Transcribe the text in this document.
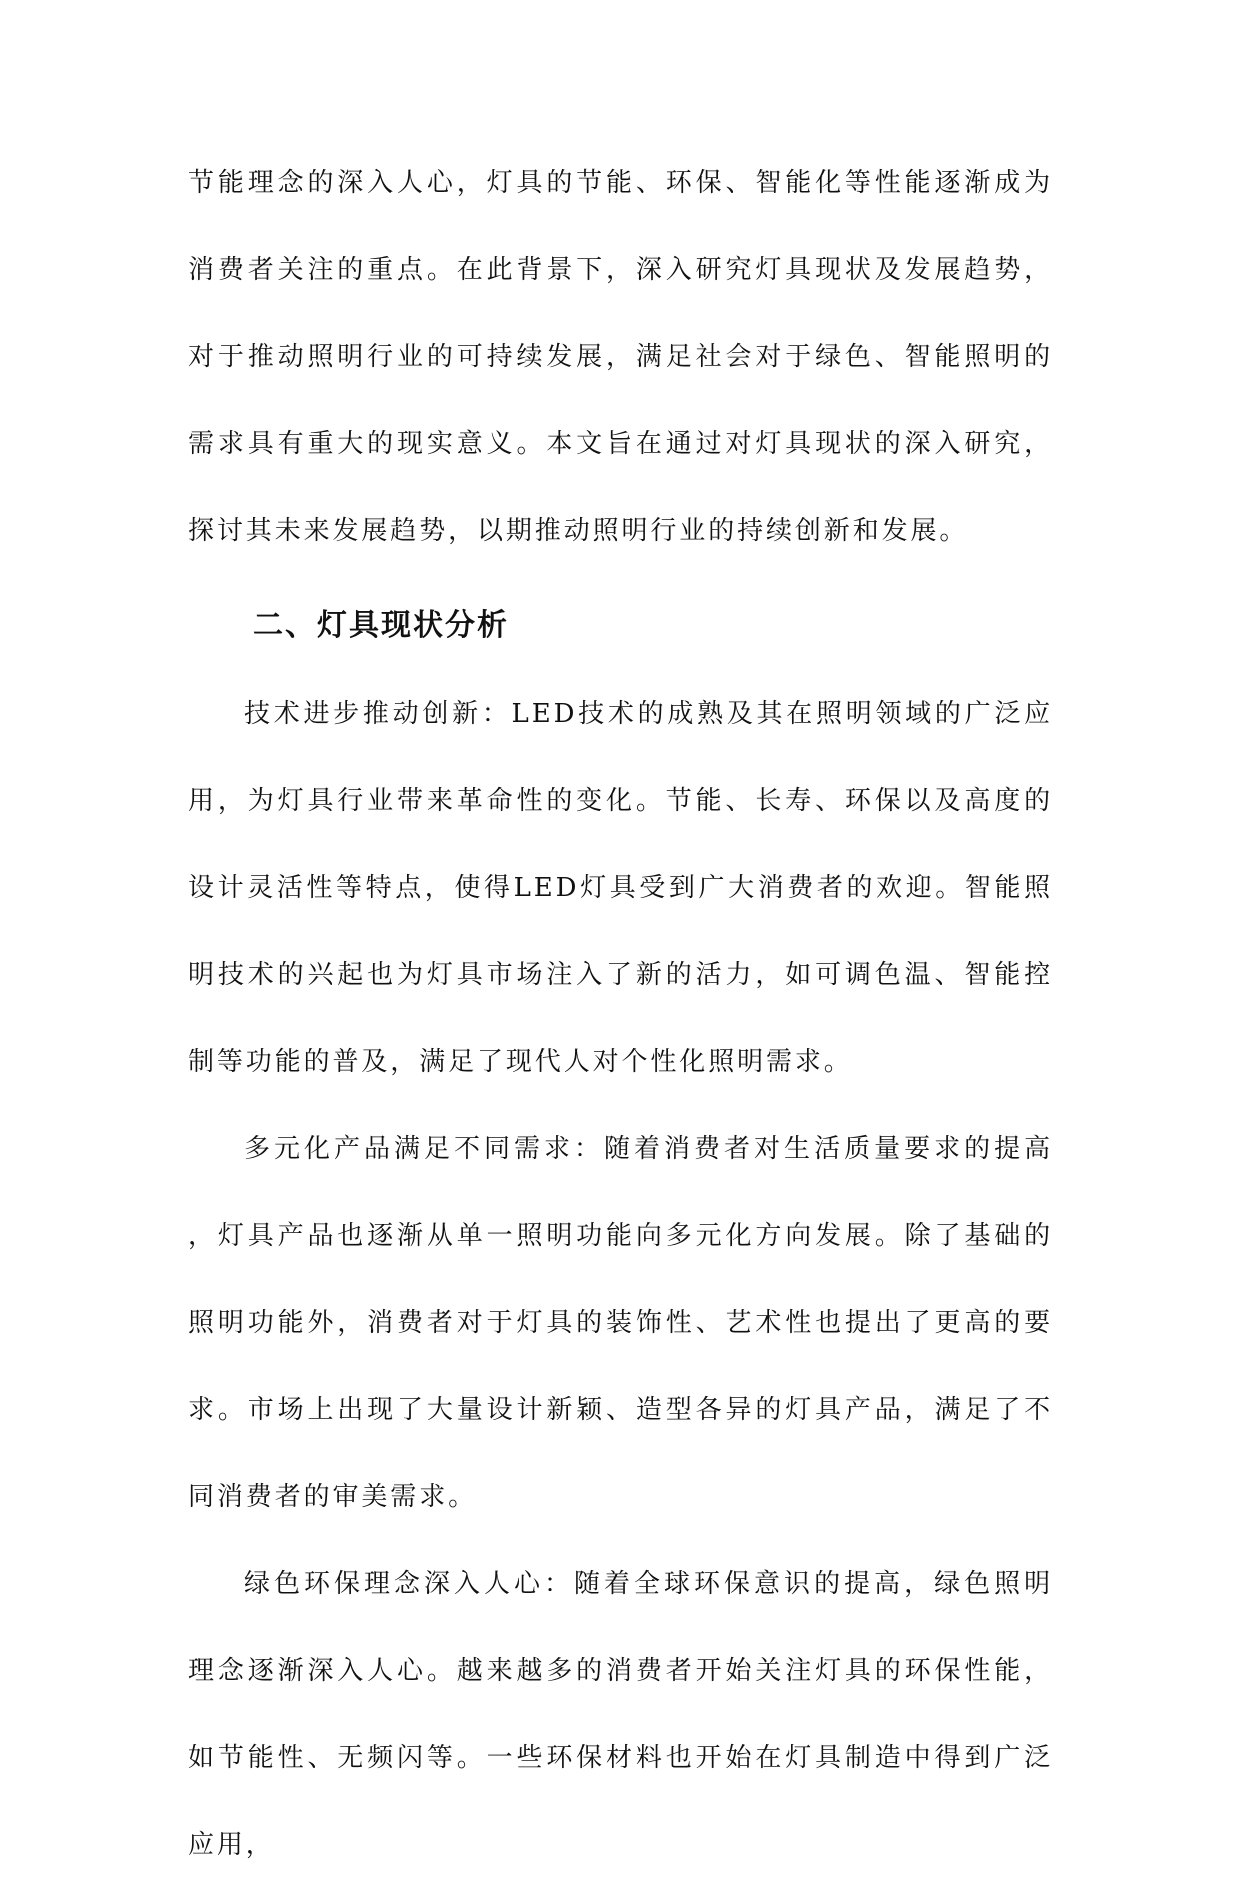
节能理念的深入人心，灯具的节能、环保、智能化等性能逐渐成为消费者关注的重点。在此背景下，深入研究灯具现状及发展趋势，对于推动照明行业的可持续发展，满足社会对于绿色、智能照明的需求具有重大的现实意义。本文旨在通过对灯具现状的深入研究，探讨其未来发展趋势，以期推动照明行业的持续创新和发展。

二、灯具现状分析

技术进步推动创新：LED技术的成熟及其在照明领域的广泛应用，为灯具行业带来革命性的变化。节能、长寿、环保以及高度的设计灵活性等特点，使得LED灯具受到广大消费者的欢迎。智能照明技术的兴起也为灯具市场注入了新的活力，如可调色温、智能控制等功能的普及，满足了现代人对个性化照明需求。

多元化产品满足不同需求：随着消费者对生活质量要求的提高，灯具产品也逐渐从单一照明功能向多元化方向发展。除了基础的照明功能外，消费者对于灯具的装饰性、艺术性也提出了更高的要求。市场上出现了大量设计新颖、造型各异的灯具产品，满足了不同消费者的审美需求。

绿色环保理念深入人心：随着全球环保意识的提高，绿色照明理念逐渐深入人心。越来越多的消费者开始关注灯具的环保性能，如节能性、无频闪等。一些环保材料也开始在灯具制造中得到广泛应用，
